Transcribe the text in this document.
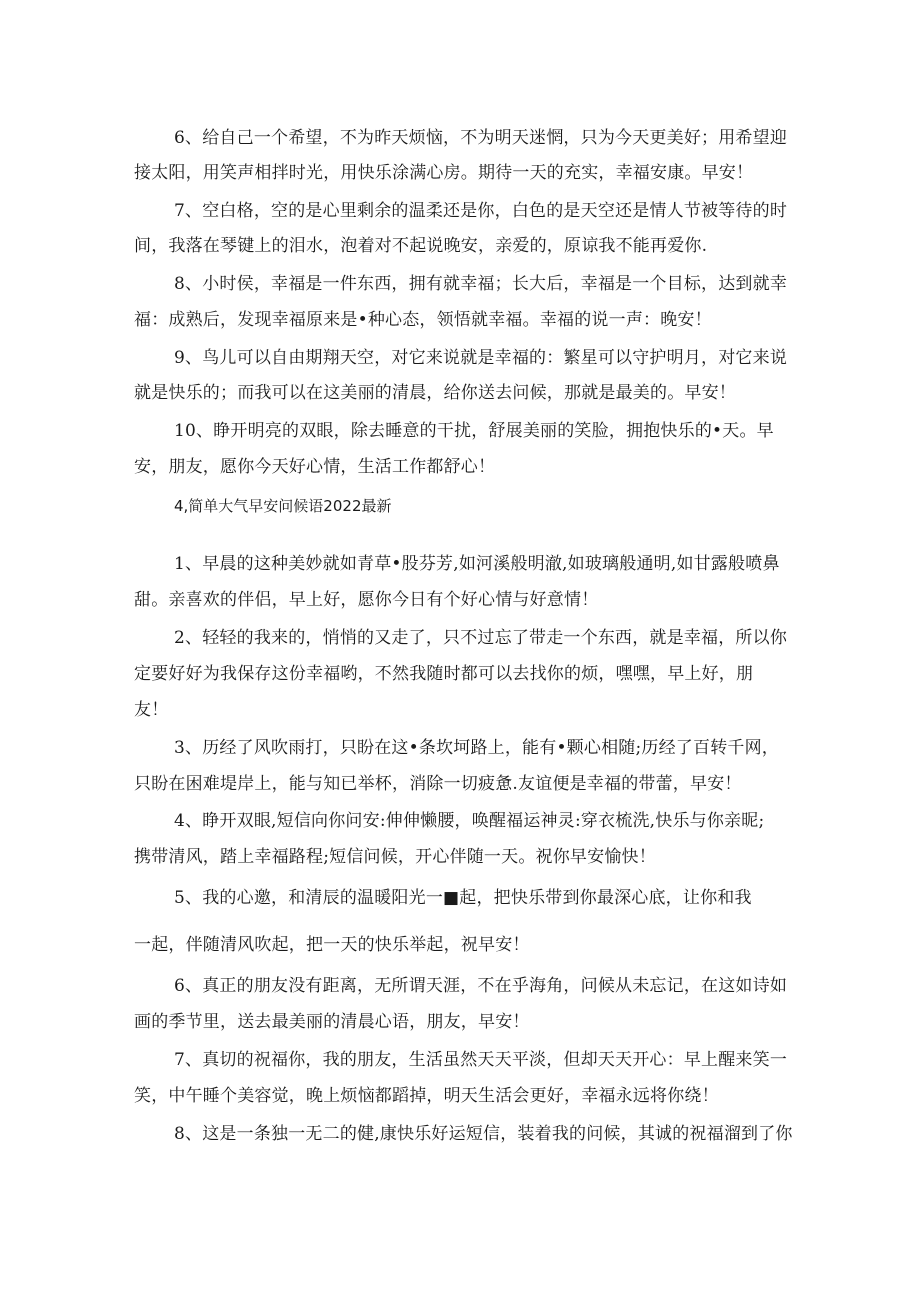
6、给自己一个希望，不为昨天烦恼，不为明天迷惘，只为今天更美好；用希望迎
接太阳，用笑声相拌时光，用快乐涂满心房。期待一天的充实，幸福安康。早安！
7、空白格，空的是心里剩余的温柔还是你，白色的是天空还是情人节被等待的时
间，我落在琴键上的泪水，泡着对不起说晚安，亲爱的，原谅我不能再爱你.
8、小时侯，幸福是一件东西，拥有就幸福；长大后，幸福是一个目标，达到就幸
福：成熟后，发现幸福原来是•种心态，领悟就幸福。幸福的说一声：晚安！
9、鸟儿可以自由期翔天空，对它来说就是幸福的：繁星可以守护明月，对它来说
就是快乐的；而我可以在这美丽的清晨，给你送去问候，那就是最美的。早安！
10、睁开明亮的双眼，除去睡意的干扰，舒展美丽的笑脸，拥抱快乐的•天。早
安，朋友，愿你今天好心情，生活工作都舒心！
4,简单大气早安问候语2022最新
1、早晨的这种美妙就如青草•股芬芳,如河溪般明澈,如玻璃般通明,如甘露般喷鼻
甜。亲喜欢的伴侣，早上好，愿你今日有个好心情与好意情！
2、轻轻的我来的，悄悄的又走了，只不过忘了带走一个东西，就是幸福，所以你
定要好好为我保存这份幸福哟，不然我随时都可以去找你的烦，嘿嘿，早上好，朋
友！
3、历经了风吹雨打，只盼在这•条坎坷路上，能有•颗心相随;历经了百转千网，
只盼在困难堤岸上，能与知已举杯，消除一切疲惫.友谊便是幸福的带蕾，早安！
4、睁开双眼,短信向你问安:伸伸懒腰，唤醒福运神灵:穿衣梳洗,快乐与你亲昵;
携带清风，踏上幸福路程;短信问候，开心伴随一天。祝你早安愉快！
5、我的心邀，和清辰的温暖阳光一■起，把快乐带到你最深心底，让你和我
一起，伴随清风吹起，把一天的快乐举起，祝早安！
6、真正的朋友没有距离，无所谓天涯，不在乎海角，问候从未忘记，在这如诗如
画的季节里，送去最美丽的清晨心语，朋友，早安！
7、真切的祝福你，我的朋友，生活虽然天天平淡，但却天天开心：早上醒来笑一
笑，中午睡个美容觉，晚上烦恼都蹈掉，明天生活会更好，幸福永远将你绕！
8、这是一条独一无二的健,康快乐好运短信，装着我的问候，其诚的祝福溜到了你
